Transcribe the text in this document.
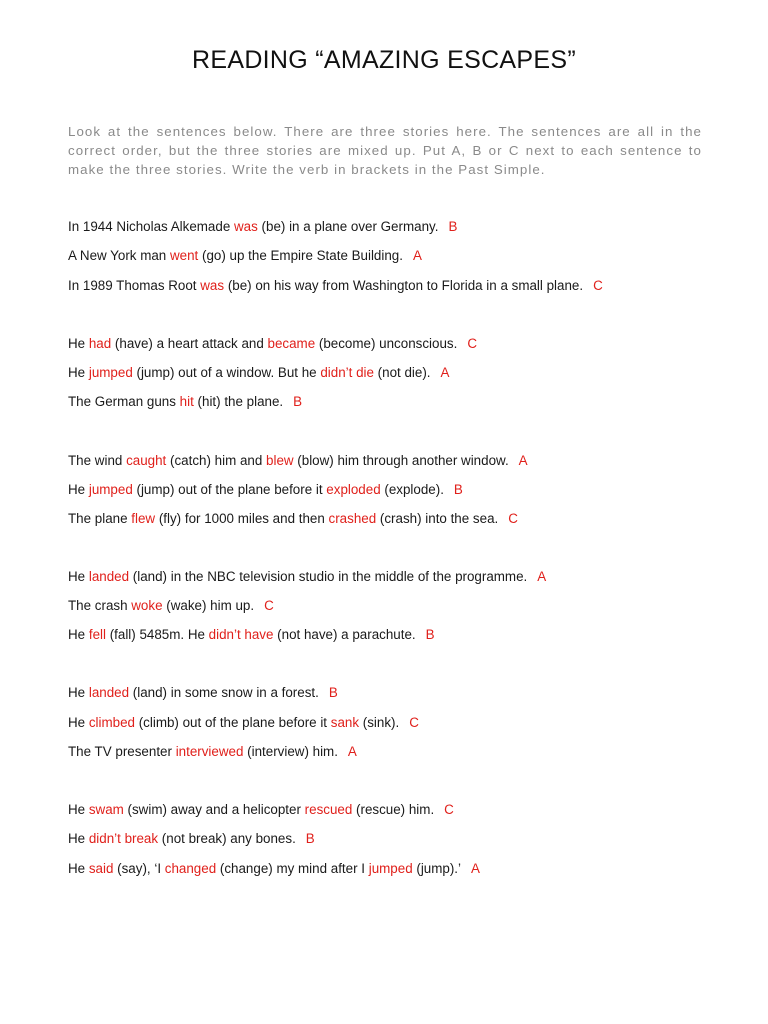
READING “AMAZING ESCAPES”

Look at the sentences below. There are three stories here. The sentences are all in the correct order, but the three stories are mixed up. Put A, B or C next to each sentence to make the three stories. Write the verb in brackets in the Past Simple.

In 1944 Nicholas Alkemade was (be) in a plane over Germany. B
A New York man went (go) up the Empire State Building. A
In 1989 Thomas Root was (be) on his way from Washington to Florida in a small plane. C
He had (have) a heart attack and became (become) unconscious. C
He jumped (jump) out of a window. But he didn’t die (not die). A
The German guns hit (hit) the plane. B
The wind caught (catch) him and blew (blow) him through another window. A
He jumped (jump) out of the plane before it exploded (explode). B
The plane flew (fly) for 1000 miles and then crashed (crash) into the sea. C
He landed (land) in the NBC television studio in the middle of the programme. A
The crash woke (wake) him up. C
He fell (fall) 5485m. He didn’t have (not have) a parachute. B
He landed (land) in some snow in a forest. B
He climbed (climb) out of the plane before it sank (sink). C
The TV presenter interviewed (interview) him. A
He swam (swim) away and a helicopter rescued (rescue) him. C
He didn’t break (not break) any bones. B
He said (say), ‘I changed (change) my mind after I jumped (jump).’ A
